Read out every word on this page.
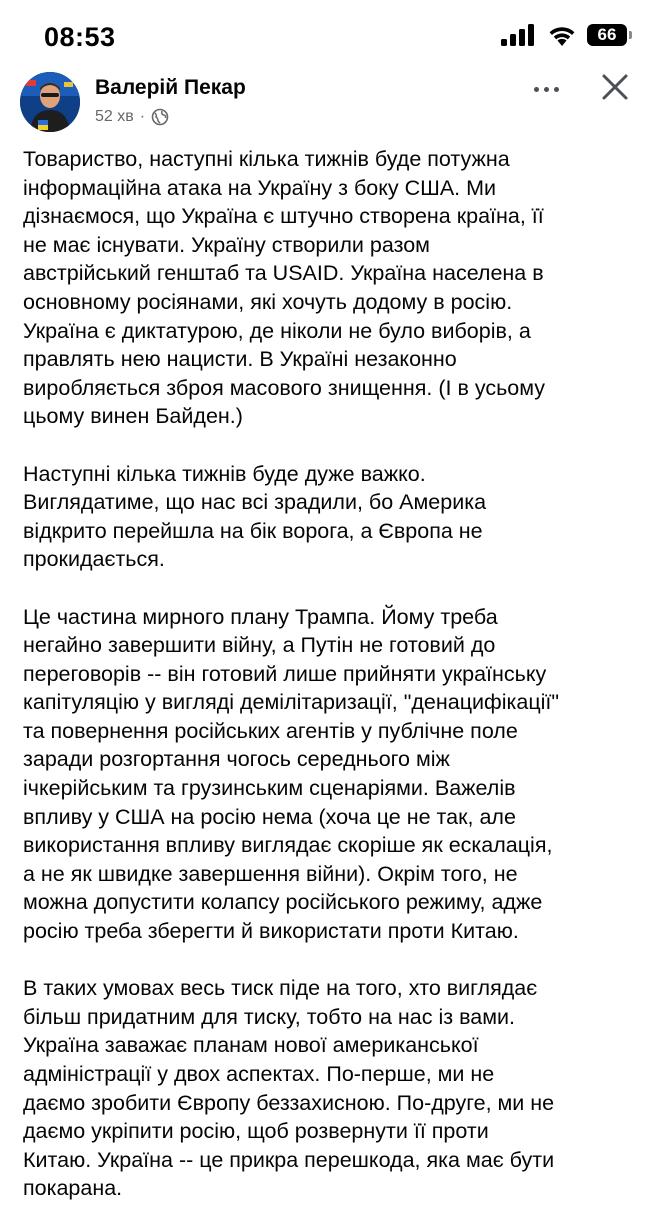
08:53	66
Валерій Пекар
52 хв ·

Товариство, наступні кілька тижнів буде потужна
інформаційна атака на Україну з боку США. Ми
дізнаємося, що Україна є штучно створена країна, її
не має існувати. Україну створили разом
австрійський генштаб та USAID. Україна населена в
основному росіянами, які хочуть додому в росію.
Україна є диктатурою, де ніколи не було виборів, а
правлять нею нацисти. В Україні незаконно
виробляється зброя масового знищення. (І в усьому
цьому винен Байден.)

Наступні кілька тижнів буде дуже важко.
Виглядатиме, що нас всі зрадили, бо Америка
відкрито перейшла на бік ворога, а Європа не
прокидається.

Це частина мирного плану Трампа. Йому треба
негайно завершити війну, а Путін не готовий до
переговорів -- він готовий лише прийняти українську
капітуляцію у вигляді демілітаризації, "денацифікації"
та повернення російських агентів у публічне поле
заради розгортання чогось середнього між
ічкерійським та грузинським сценаріями. Важелів
впливу у США на росію нема (хоча це не так, але
використання впливу виглядає скоріше як ескалація,
а не як швидке завершення війни). Окрім того, не
можна допустити колапсу російського режиму, адже
росію треба зберегти й використати проти Китаю.

В таких умовах весь тиск піде на того, хто виглядає
більш придатним для тиску, тобто на нас із вами.
Україна заважає планам нової американської
адміністрації у двох аспектах. По-перше, ми не
даємо зробити Європу беззахисною. По-друге, ми не
даємо укріпити росію, щоб розвернути її проти
Китаю. Україна -- це прикра перешкода, яка має бути
покарана.
